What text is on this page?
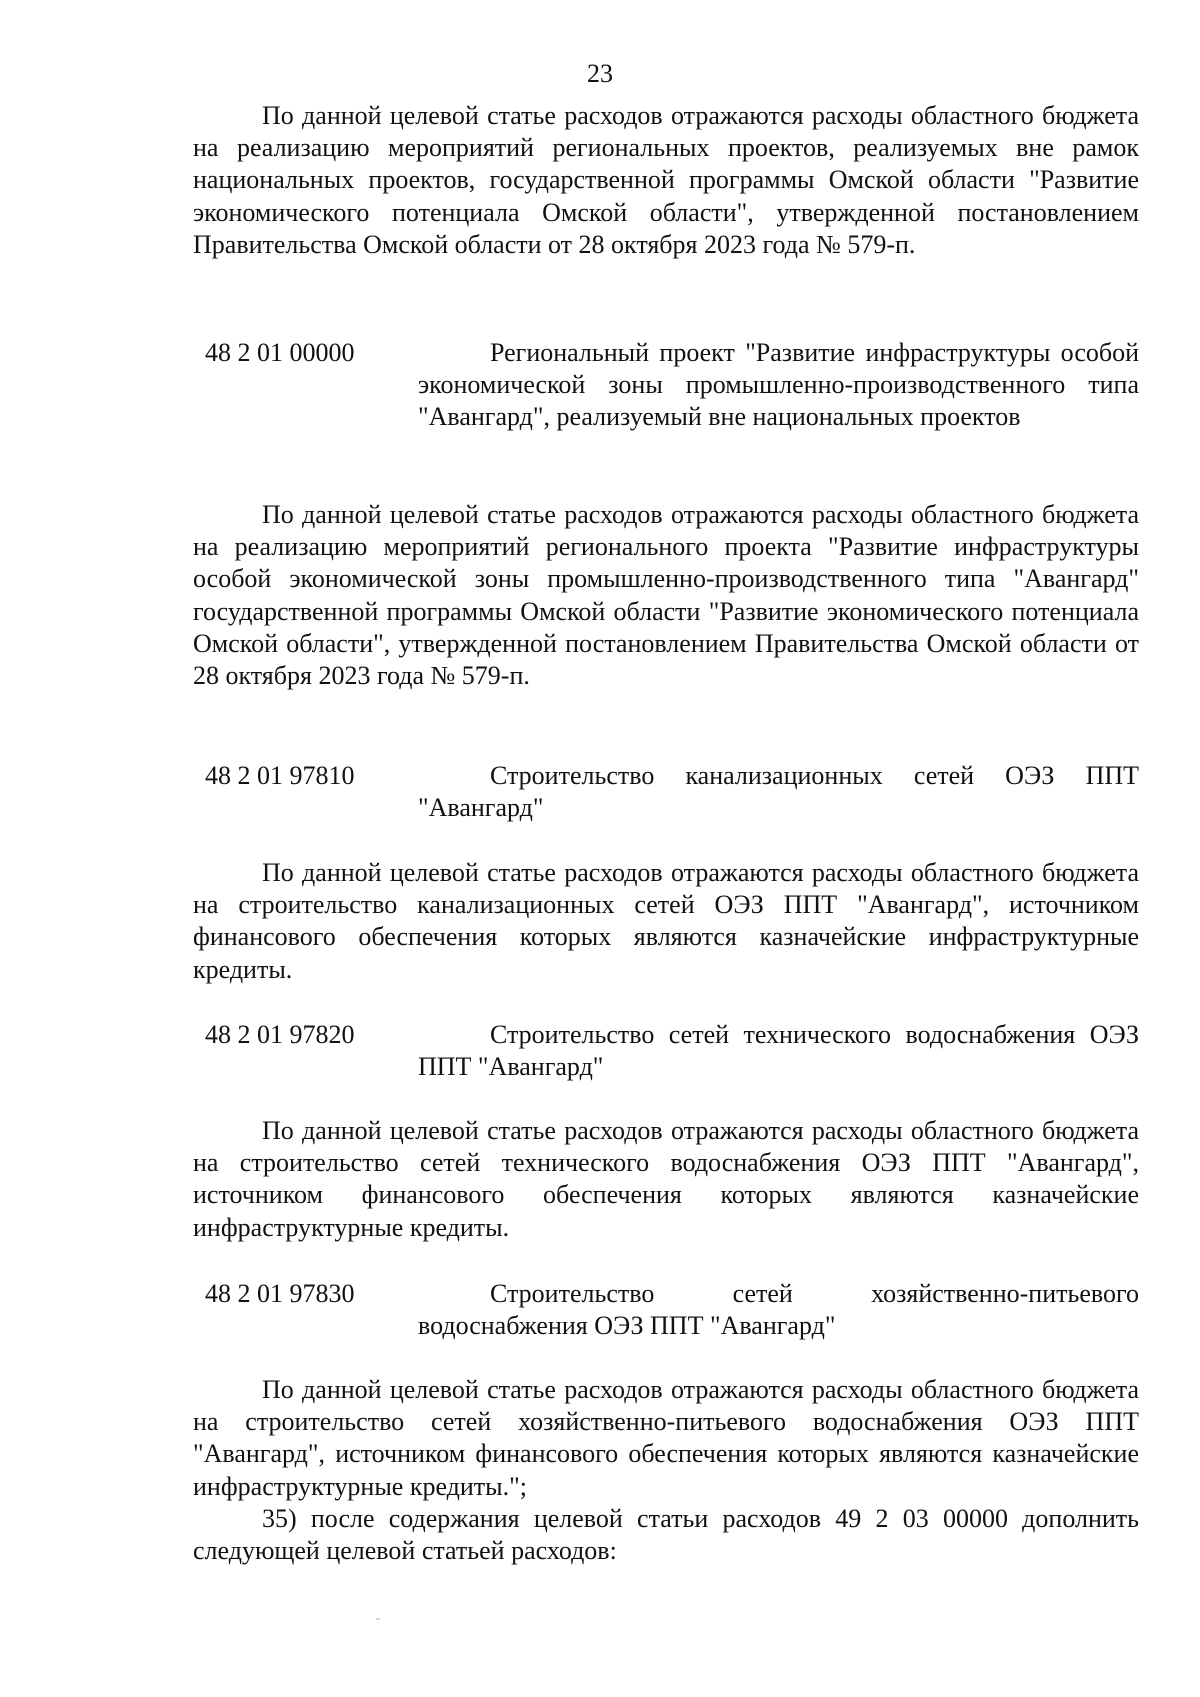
23

По данной целевой статье расходов отражаются расходы областного бюджета на реализацию мероприятий региональных проектов, реализуемых вне рамок национальных проектов, государственной программы Омской области "Развитие экономического потенциала Омской области", утвержденной постановлением Правительства Омской области от 28 октября 2023 года № 579-п.

48 2 01 00000	Региональный проект "Развитие инфраструктуры особой экономической зоны промышленно-производственного типа "Авангард", реализуемый вне национальных проектов

По данной целевой статье расходов отражаются расходы областного бюджета на реализацию мероприятий регионального проекта "Развитие инфраструктуры особой экономической зоны промышленно-производственного типа "Авангард" государственной программы Омской области "Развитие экономического потенциала Омской области", утвержденной постановлением Правительства Омской области от 28 октября 2023 года № 579-п.

48 2 01 97810	Строительство канализационных сетей ОЭЗ ППТ "Авангард"

По данной целевой статье расходов отражаются расходы областного бюджета на строительство канализационных сетей ОЭЗ ППТ "Авангард", источником финансового обеспечения которых являются казначейские инфраструктурные кредиты.

48 2 01 97820	Строительство сетей технического водоснабжения ОЭЗ ППТ "Авангард"

По данной целевой статье расходов отражаются расходы областного бюджета на строительство сетей технического водоснабжения ОЭЗ ППТ "Авангард", источником финансового обеспечения которых являются казначейские инфраструктурные кредиты.

48 2 01 97830	Строительство сетей хозяйственно-питьевого водоснабжения ОЭЗ ППТ "Авангард"

По данной целевой статье расходов отражаются расходы областного бюджета на строительство сетей хозяйственно-питьевого водоснабжения ОЭЗ ППТ "Авангард", источником финансового обеспечения которых являются казначейские инфраструктурные кредиты.";

35) после содержания целевой статьи расходов 49 2 03 00000 дополнить следующей целевой статьей расходов:
